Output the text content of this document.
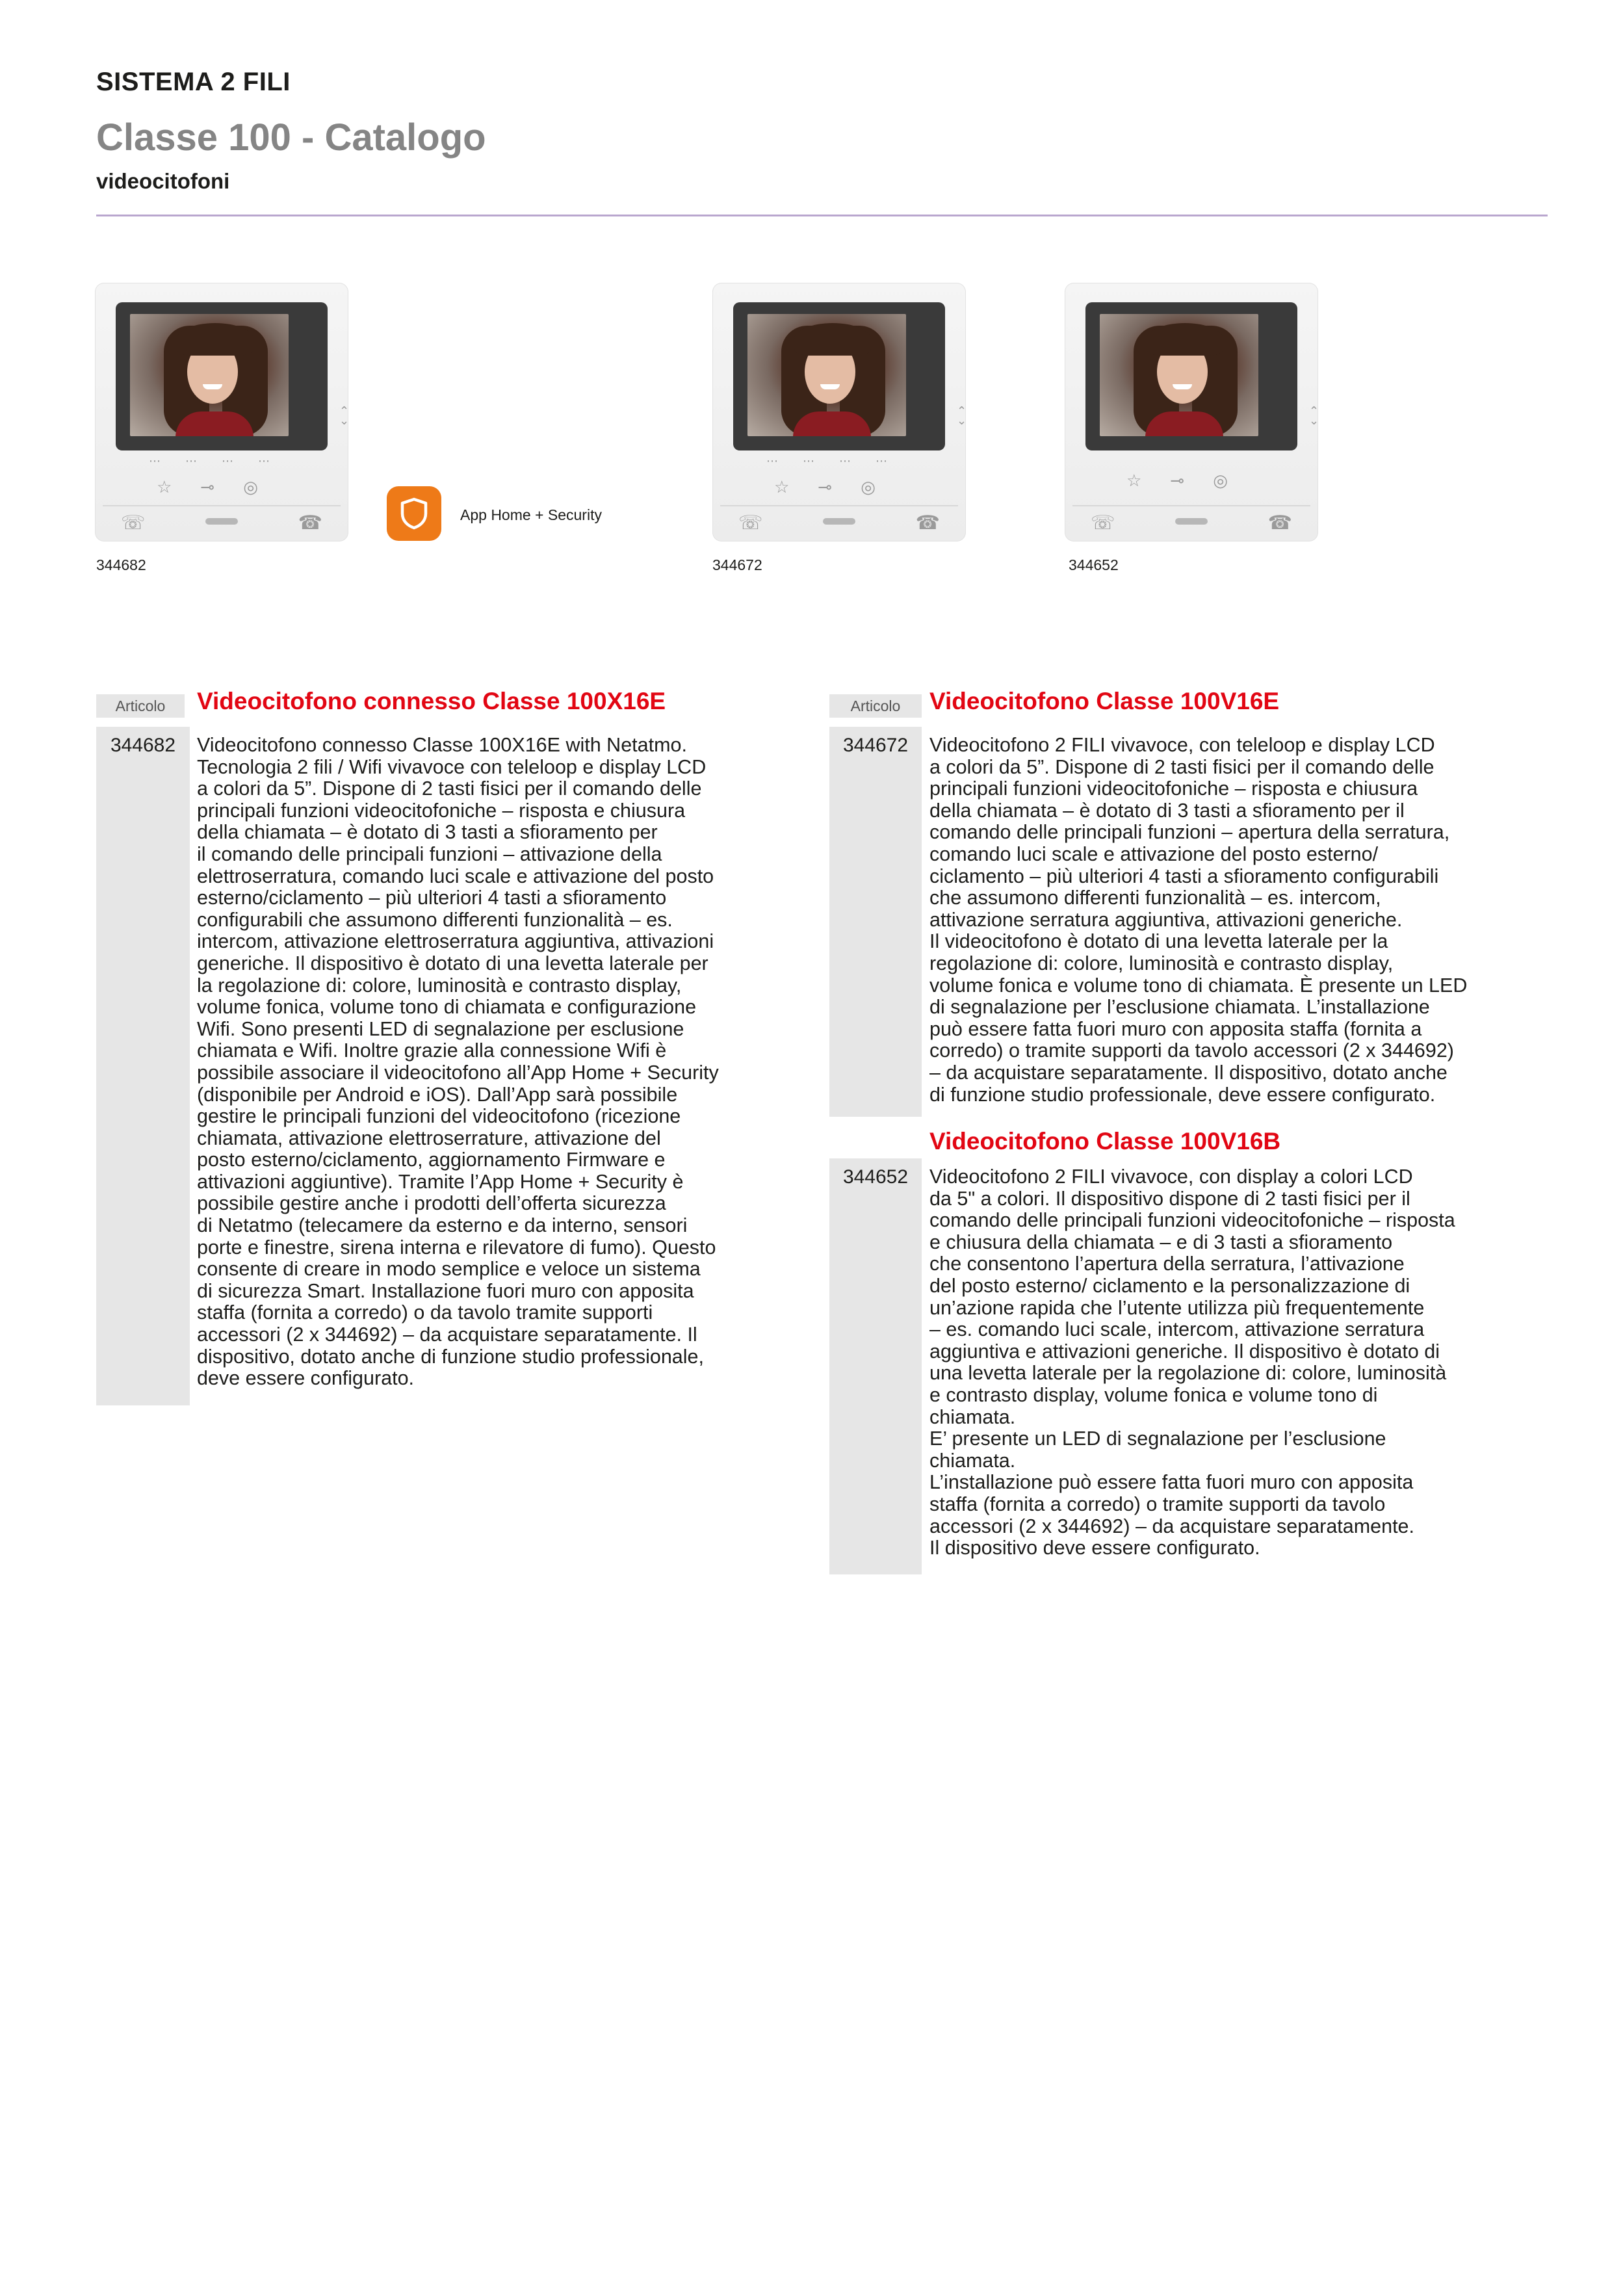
SISTEMA 2 FILI
Classe 100 - Catalogo
videocitofoni
⌃
⌄
⋯⋯⋯⋯
☆⊸◎
☏	☎
344682
App Home + Security
⌃
⌄
⋯⋯⋯⋯
☆⊸◎
☏	☎
344672
⌃
⌄
☆⊸◎
☏	☎
344652
Articolo	Videocitofono connesso Classe 100X16E
344682	Videocitofono connesso Classe 100X16E with Netatmo.
Tecnologia 2 fili / Wifi vivavoce con teleloop e display LCD
a colori da 5”. Dispone di 2 tasti fisici per il comando delle
principali funzioni videocitofoniche – risposta e chiusura
della chiamata – è dotato di 3 tasti a sfioramento per
il comando delle principali funzioni – attivazione della
elettroserratura, comando luci scale e attivazione del posto
esterno/ciclamento – più ulteriori 4 tasti a sfioramento
configurabili che assumono differenti funzionalità – es.
intercom, attivazione elettroserratura aggiuntiva, attivazioni
generiche. Il dispositivo è dotato di una levetta laterale per
la regolazione di: colore, luminosità e contrasto display,
volume fonica, volume tono di chiamata e configurazione
Wifi. Sono presenti LED di segnalazione per esclusione
chiamata e Wifi. Inoltre grazie alla connessione Wifi è
possibile associare il videocitofono all’App Home + Security
(disponibile per Android e iOS). Dall’App sarà possibile
gestire le principali funzioni del videocitofono (ricezione
chiamata, attivazione elettroserrature, attivazione del
posto esterno/ciclamento, aggiornamento Firmware e
attivazioni aggiuntive). Tramite l’App Home + Security è
possibile gestire anche i prodotti dell’offerta sicurezza
di Netatmo (telecamere da esterno e da interno, sensori
porte e finestre, sirena interna e rilevatore di fumo). Questo
consente di creare in modo semplice e veloce un sistema
di sicurezza Smart. Installazione fuori muro con apposita
staffa (fornita a corredo) o da tavolo tramite supporti
accessori (2 x 344692) – da acquistare separatamente. Il
dispositivo, dotato anche di funzione studio professionale,
deve essere configurato.
Articolo	Videocitofono Classe 100V16E
344672	Videocitofono 2 FILI vivavoce, con teleloop e display LCD
a colori da 5”. Dispone di 2 tasti fisici per il comando delle
principali funzioni videocitofoniche – risposta e chiusura
della chiamata – è dotato di 3 tasti a sfioramento per il
comando delle principali funzioni – apertura della serratura,
comando luci scale e attivazione del posto esterno/
ciclamento – più ulteriori 4 tasti a sfioramento configurabili
che assumono differenti funzionalità – es. intercom,
attivazione serratura aggiuntiva, attivazioni generiche.
Il videocitofono è dotato di una levetta laterale per la
regolazione di: colore, luminosità e contrasto display,
volume fonica e volume tono di chiamata. È presente un LED
di segnalazione per l’esclusione chiamata. L’installazione
può essere fatta fuori muro con apposita staffa (fornita a
corredo) o tramite supporti da tavolo accessori (2 x 344692)
– da acquistare separatamente. Il dispositivo, dotato anche
di funzione studio professionale, deve essere configurato.
Videocitofono Classe 100V16B
344652	Videocitofono 2 FILI vivavoce, con display a colori LCD
da 5" a colori. Il dispositivo dispone di 2 tasti fisici per il
comando delle principali funzioni videocitofoniche – risposta
e chiusura della chiamata – e di 3 tasti a sfioramento
che consentono l’apertura della serratura, l’attivazione
del posto esterno/ ciclamento e la personalizzazione di
un’azione rapida che l’utente utilizza più frequentemente
– es. comando luci scale, intercom, attivazione serratura
aggiuntiva e attivazioni generiche. Il dispositivo è dotato di
una levetta laterale per la regolazione di: colore, luminosità
e contrasto display, volume fonica e volume tono di
chiamata.
E’ presente un LED di segnalazione per l’esclusione
chiamata.
L’installazione può essere fatta fuori muro con apposita
staffa (fornita a corredo) o tramite supporti da tavolo
accessori (2 x 344692) – da acquistare separatamente.
Il dispositivo deve essere configurato.
